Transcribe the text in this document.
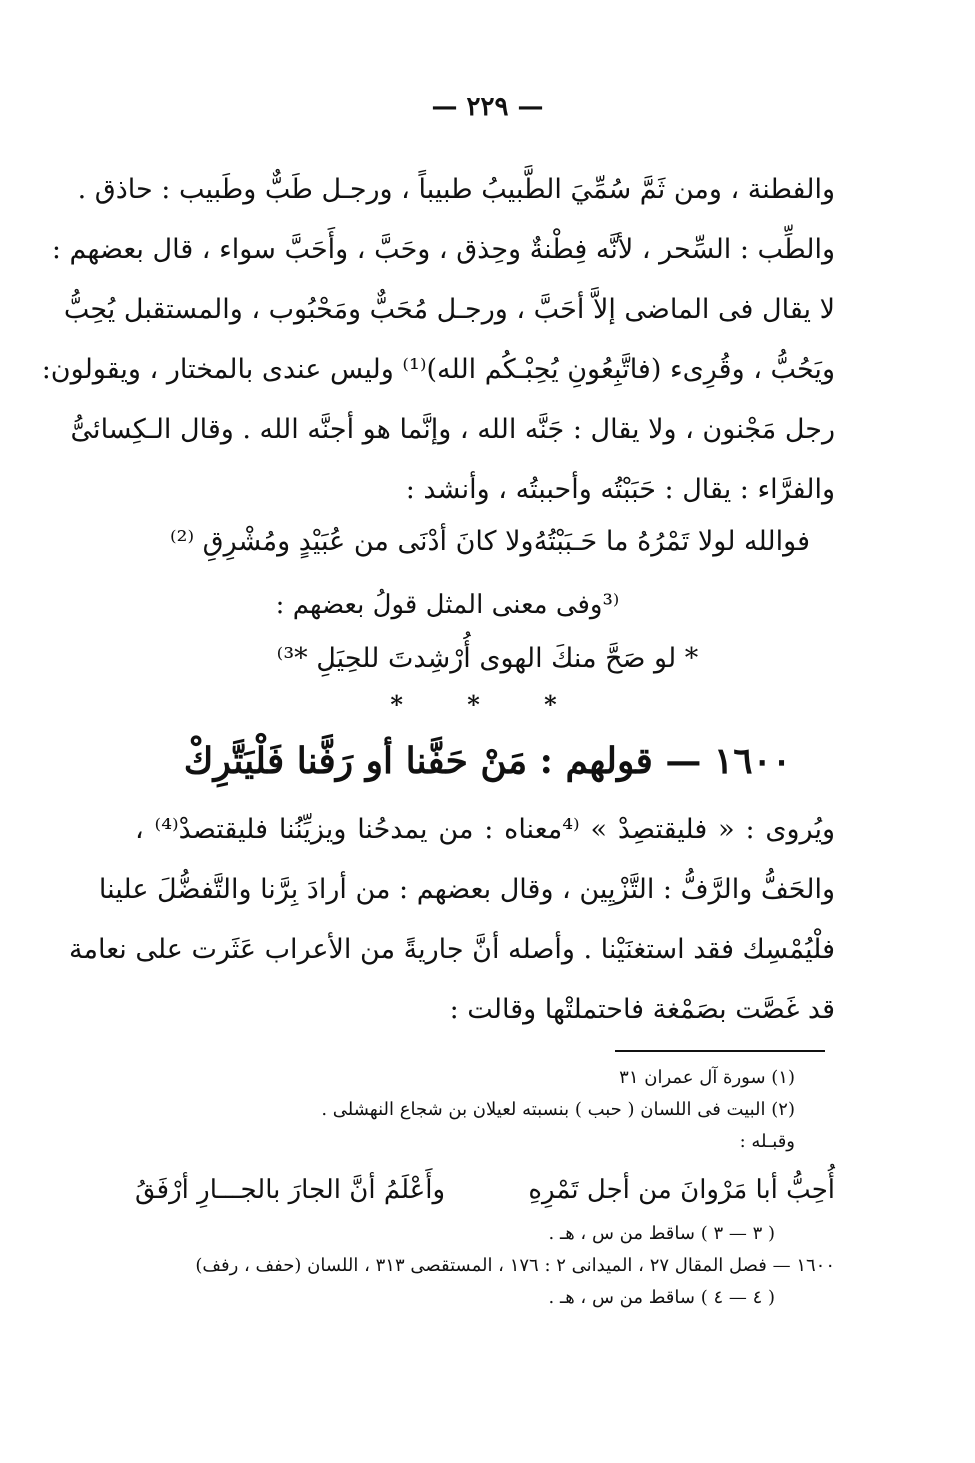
— ٢٢٩ —
والفطنة ، ومن ثَمَّ سُمِّيَ الطَّبيبُ طبيباً ، ورجـل طَبٌّ وطَبيب : حاذق .
والطِّب : السِّحر ، لأنَّه فِطْنةٌ وحِذق ، وحَبَّ ، وأَحَبَّ سواء ، قال بعضهم :
لا يقال فى الماضى إلاَّ أحَبَّ ، ورجـل مُحَبٌّ ومَحْبُوب ، والمستقبل يُحِبُّ
ويَحُبُّ ، وقُرِىء (فاتَّبِعُونِ يُحِبْـكُم الله)⁽¹⁾ وليس عندى بالمختار ، ويقولون:
رجل مَجْنون ، ولا يقال : جَنَّه الله ، وإنَّما هو أجنَّه الله . وقال الـكِسائىُّ
والفرَّاء : يقال : حَبَبْتُه وأحببتُه ، وأنشد :
فوالله لولا تَمْرُهُ ما حَـبَبْتُهُ
ولا كانَ أدْنَى من عُبَيْدٍ ومُشْرِقِ ⁽²⁾
⁽³وفى معنى المثل قولُ بعضهم :
* لو صَحَّ منكَ الهوى أُرْشِدتَ للحِيَلِ *³⁾
* * *
١٦٠٠ — قولهم : مَنْ حَفَّنا أو رَفَّنا فَلْيَتَّرِكْ
ويُروى : « فليقتصِدْ » ⁽⁴معناه : من يمدحُنا ويزيِّنُنا فليقتصدْ⁽⁴⁾ ،
والحَفُّ والرَّفُّ : التَّزْيِين ، وقال بعضهم : من أرادَ بِرَّنا والتَّفضُّلَ علينا
فلْيُمْسِك فقد استغنَيْنا . وأصله أنَّ جاريةً من الأعراب عَثَرت على نعامة
قد غَصَّت بصَمْغة فاحتملتْها وقالت :
(١) سورة آل عمران ٣١
(٢) البيت فى اللسان ( حبب ) بنسبته لعيلان بن شجاع النهشلى .
وقبـله :
أُحِبُّ أبا مَرْوانَ من أجل تَمْرِهِ
وأَعْلَمُ أنَّ الجارَ بالجـــارِ أرْفَقُ
( ٣ — ٣ ) ساقط من س ، هـ .
١٦٠٠ — فصل المقال ٢٧ ، الميدانى ٢ : ١٧٦ ، المستقصى ٣١٣ ، اللسان (حفف ، رفف)
( ٤ — ٤ ) ساقط من س ، هـ .
